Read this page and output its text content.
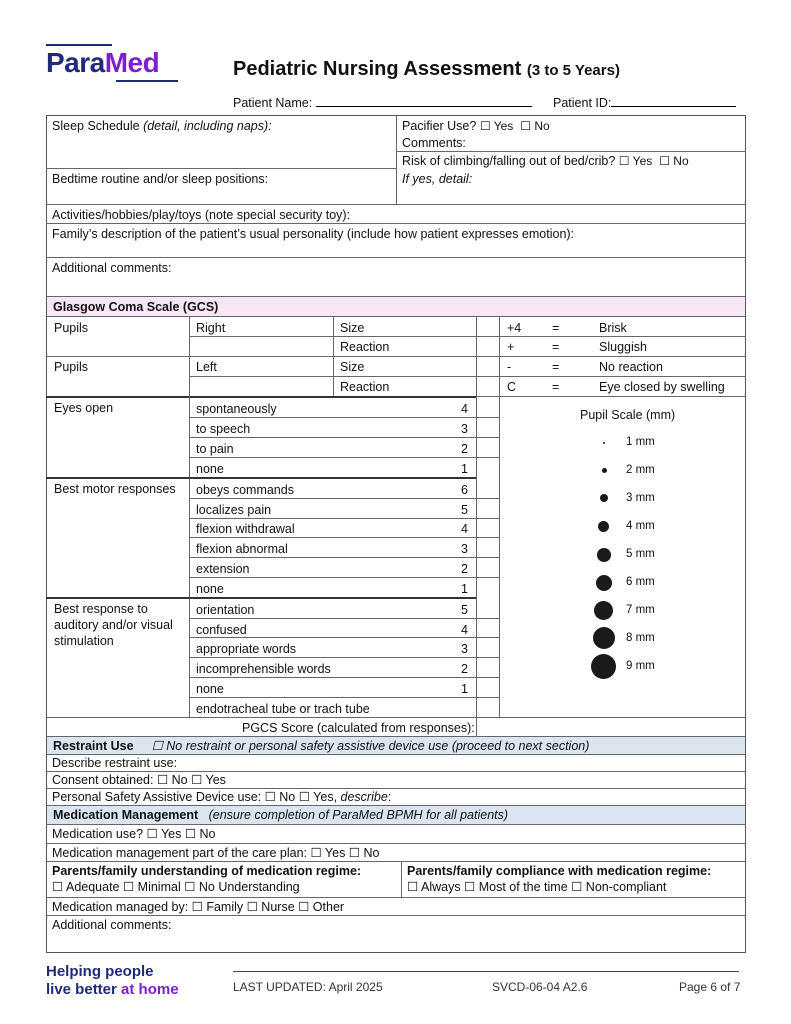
ParaMed	Pediatric Nursing Assessment (3 to 5 Years)
Patient Name:	Patient ID:
Sleep Schedule (detail, including naps):	Pacifier Use? ☐ Yes ☐ No
Comments:
Risk of climbing/falling out of bed/crib? ☐ Yes ☐ No
If yes, detail:
Bedtime routine and/or sleep positions:
Activities/hobbies/play/toys (note special security toy):
Family’s description of the patient’s usual personality (include how patient expresses emotion):
Additional comments:
Glasgow Coma Scale (GCS)
Pupils	Right	Size
Reaction
Pupils	Left	Size
Reaction
+4	=	Brisk
+	=	Sluggish
-	=	No reaction
C	=	Eye closed by swelling
Eyes open	spontaneously	4
to speech	3
to pain	2
none	1
Best motor responses	obeys commands	6
localizes pain	5
flexion withdrawal	4
flexion abnormal	3
extension	2
none	1
Best response to
auditory and/or visual
stimulation
orientation	5
confused	4
appropriate words	3
incomprehensible words	2
none	1
endotracheal tube or trach tube
Pupil Scale (mm)
1 mm
2 mm
3 mm
4 mm
5 mm
6 mm
7 mm
8 mm
9 mm
PGCS Score (calculated from responses):
Restraint Use ☐ No restraint or personal safety assistive device use (proceed to next section)
Describe restraint use:
Consent obtained: ☐ No ☐ Yes
Personal Safety Assistive Device use: ☐ No ☐ Yes, describe:
Medication Management (ensure completion of ParaMed BPMH for all patients)
Medication use? ☐ Yes ☐ No
Medication management part of the care plan: ☐ Yes ☐ No
Parents/family understanding of medication regime:
☐ Adequate ☐ Minimal ☐ No Understanding
Parents/family compliance with medication regime:
☐ Always ☐ Most of the time ☐ Non-compliant
Medication managed by: ☐ Family ☐ Nurse ☐ Other
Additional comments:
Helping people
live better at home	LAST UPDATED: April 2025	SVCD-06-04 A2.6	Page 6 of 7
